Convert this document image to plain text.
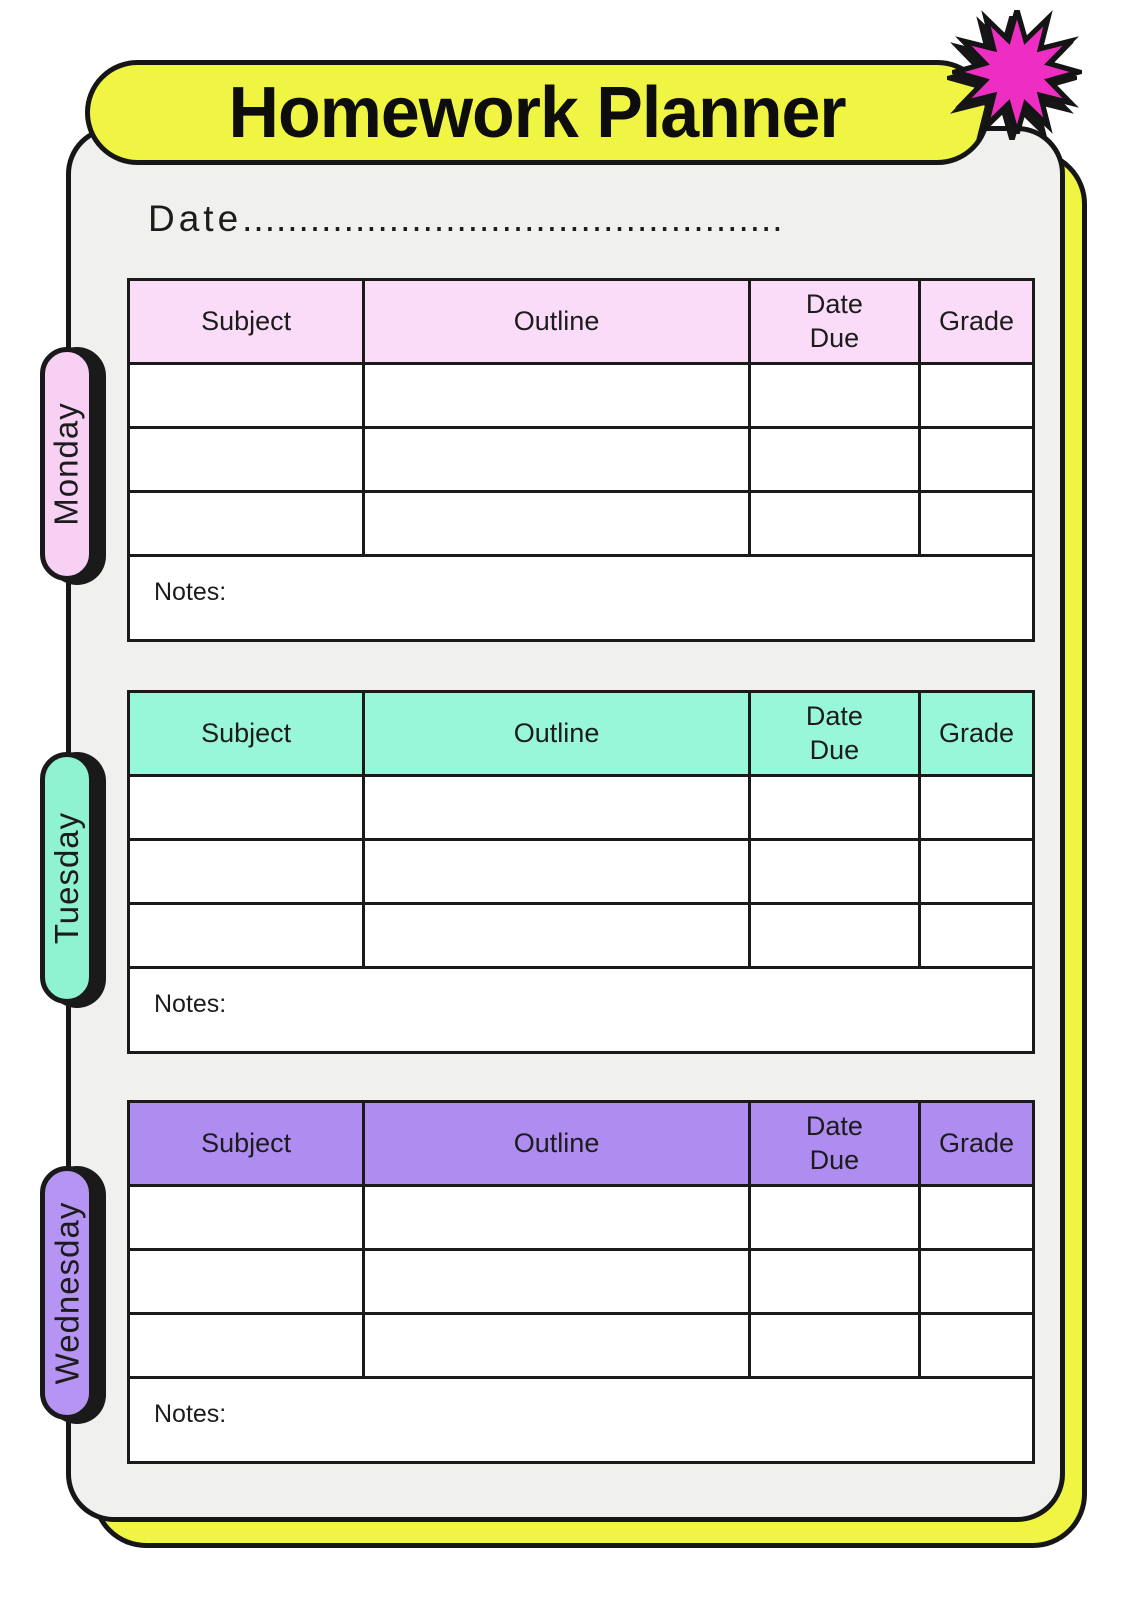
Homework Planner
Date................................................
Monday
Subject	Outline	Date Due	Grade

Notes:			
Tuesday
Subject	Outline	Date Due	Grade

Notes:			
Wednesday
Subject	Outline	Date Due	Grade

Notes:			
